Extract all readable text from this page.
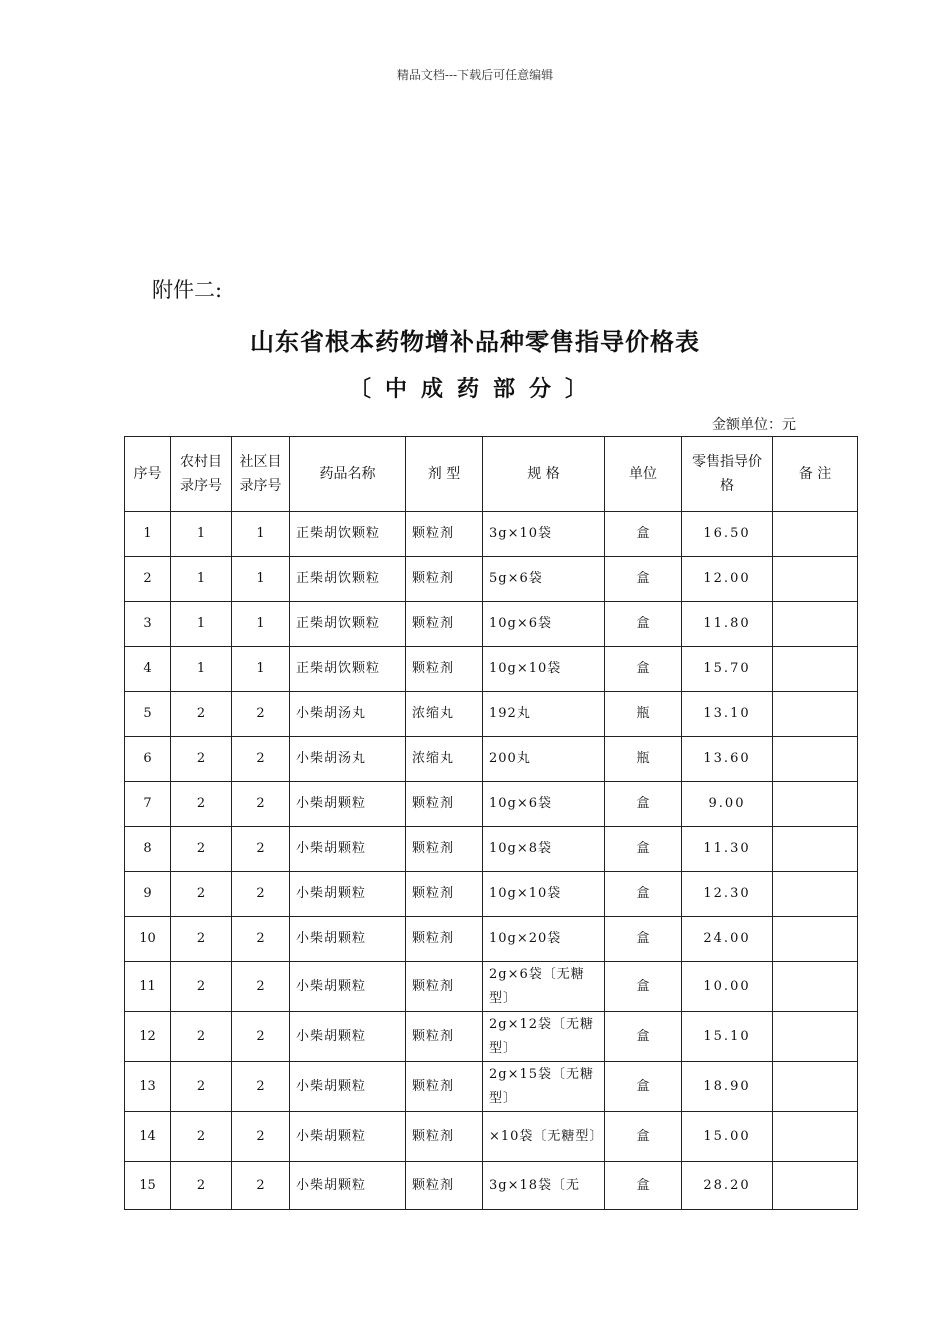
精品文档---下载后可任意编辑
附件二:
山东省根本药物增补品种零售指导价格表
〔中成药部分〕
金额单位：元
序号	农村目录序号	社区目录序号	药品名称	剂 型	规 格	单位	零售指导价格	备 注
1	1	1	正柴胡饮颗粒	颗粒剂	3g×10袋	盒	16.50	
2	1	1	正柴胡饮颗粒	颗粒剂	5g×6袋	盒	12.00	
3	1	1	正柴胡饮颗粒	颗粒剂	10g×6袋	盒	11.80	
4	1	1	正柴胡饮颗粒	颗粒剂	10g×10袋	盒	15.70	
5	2	2	小柴胡汤丸	浓缩丸	192丸	瓶	13.10	
6	2	2	小柴胡汤丸	浓缩丸	200丸	瓶	13.60	
7	2	2	小柴胡颗粒	颗粒剂	10g×6袋	盒	9.00	
8	2	2	小柴胡颗粒	颗粒剂	10g×8袋	盒	11.30	
9	2	2	小柴胡颗粒	颗粒剂	10g×10袋	盒	12.30	
10	2	2	小柴胡颗粒	颗粒剂	10g×20袋	盒	24.00	
11	2	2	小柴胡颗粒	颗粒剂	2g×6袋〔无糖型〕	盒	10.00	
12	2	2	小柴胡颗粒	颗粒剂	2g×12袋〔无糖型〕	盒	15.10	
13	2	2	小柴胡颗粒	颗粒剂	2g×15袋〔无糖型〕	盒	18.90	
14	2	2	小柴胡颗粒	颗粒剂	×10袋〔无糖型〕	盒	15.00	
15	2	2	小柴胡颗粒	颗粒剂	3g×18袋〔无	盒	28.20	
